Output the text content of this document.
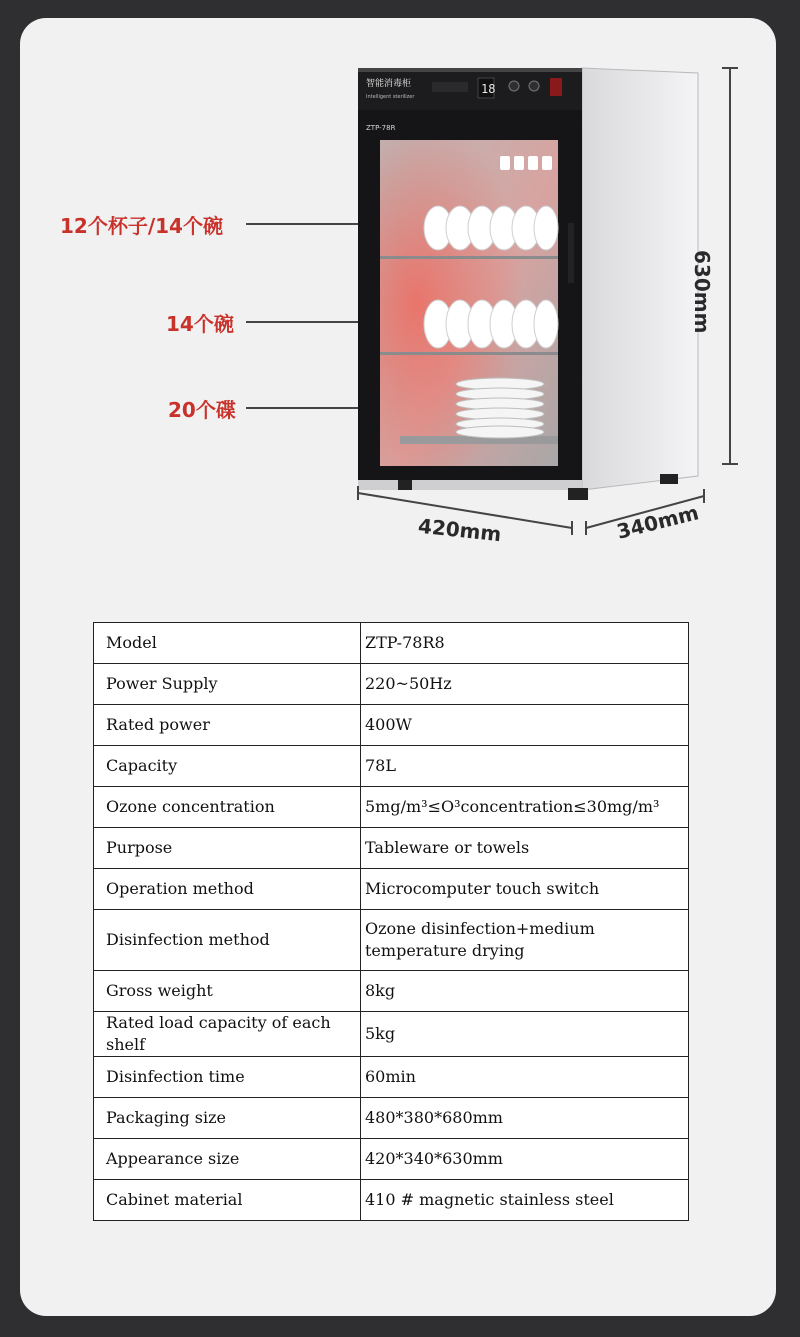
智能消毒柜
Intelligent sterilizer
18
ZTP-78R
12个杯子/14个碗
14个碗
20个碟
630mm
420mm	340mm
Model	ZTP-78R8
Power Supply	220~50Hz
Rated power	400W
Capacity	78L
Ozone concentration	5mg/m³≤O³concentration≤30mg/m³
Purpose	Tableware or towels
Operation method	Microcomputer touch switch
Disinfection method	Ozone disinfection+medium temperature drying
Gross weight	8kg
Rated load capacity of each shelf	5kg
Disinfection time	60min
Packaging size	480*380*680mm
Appearance size	420*340*630mm
Cabinet material	410 # magnetic stainless steel
